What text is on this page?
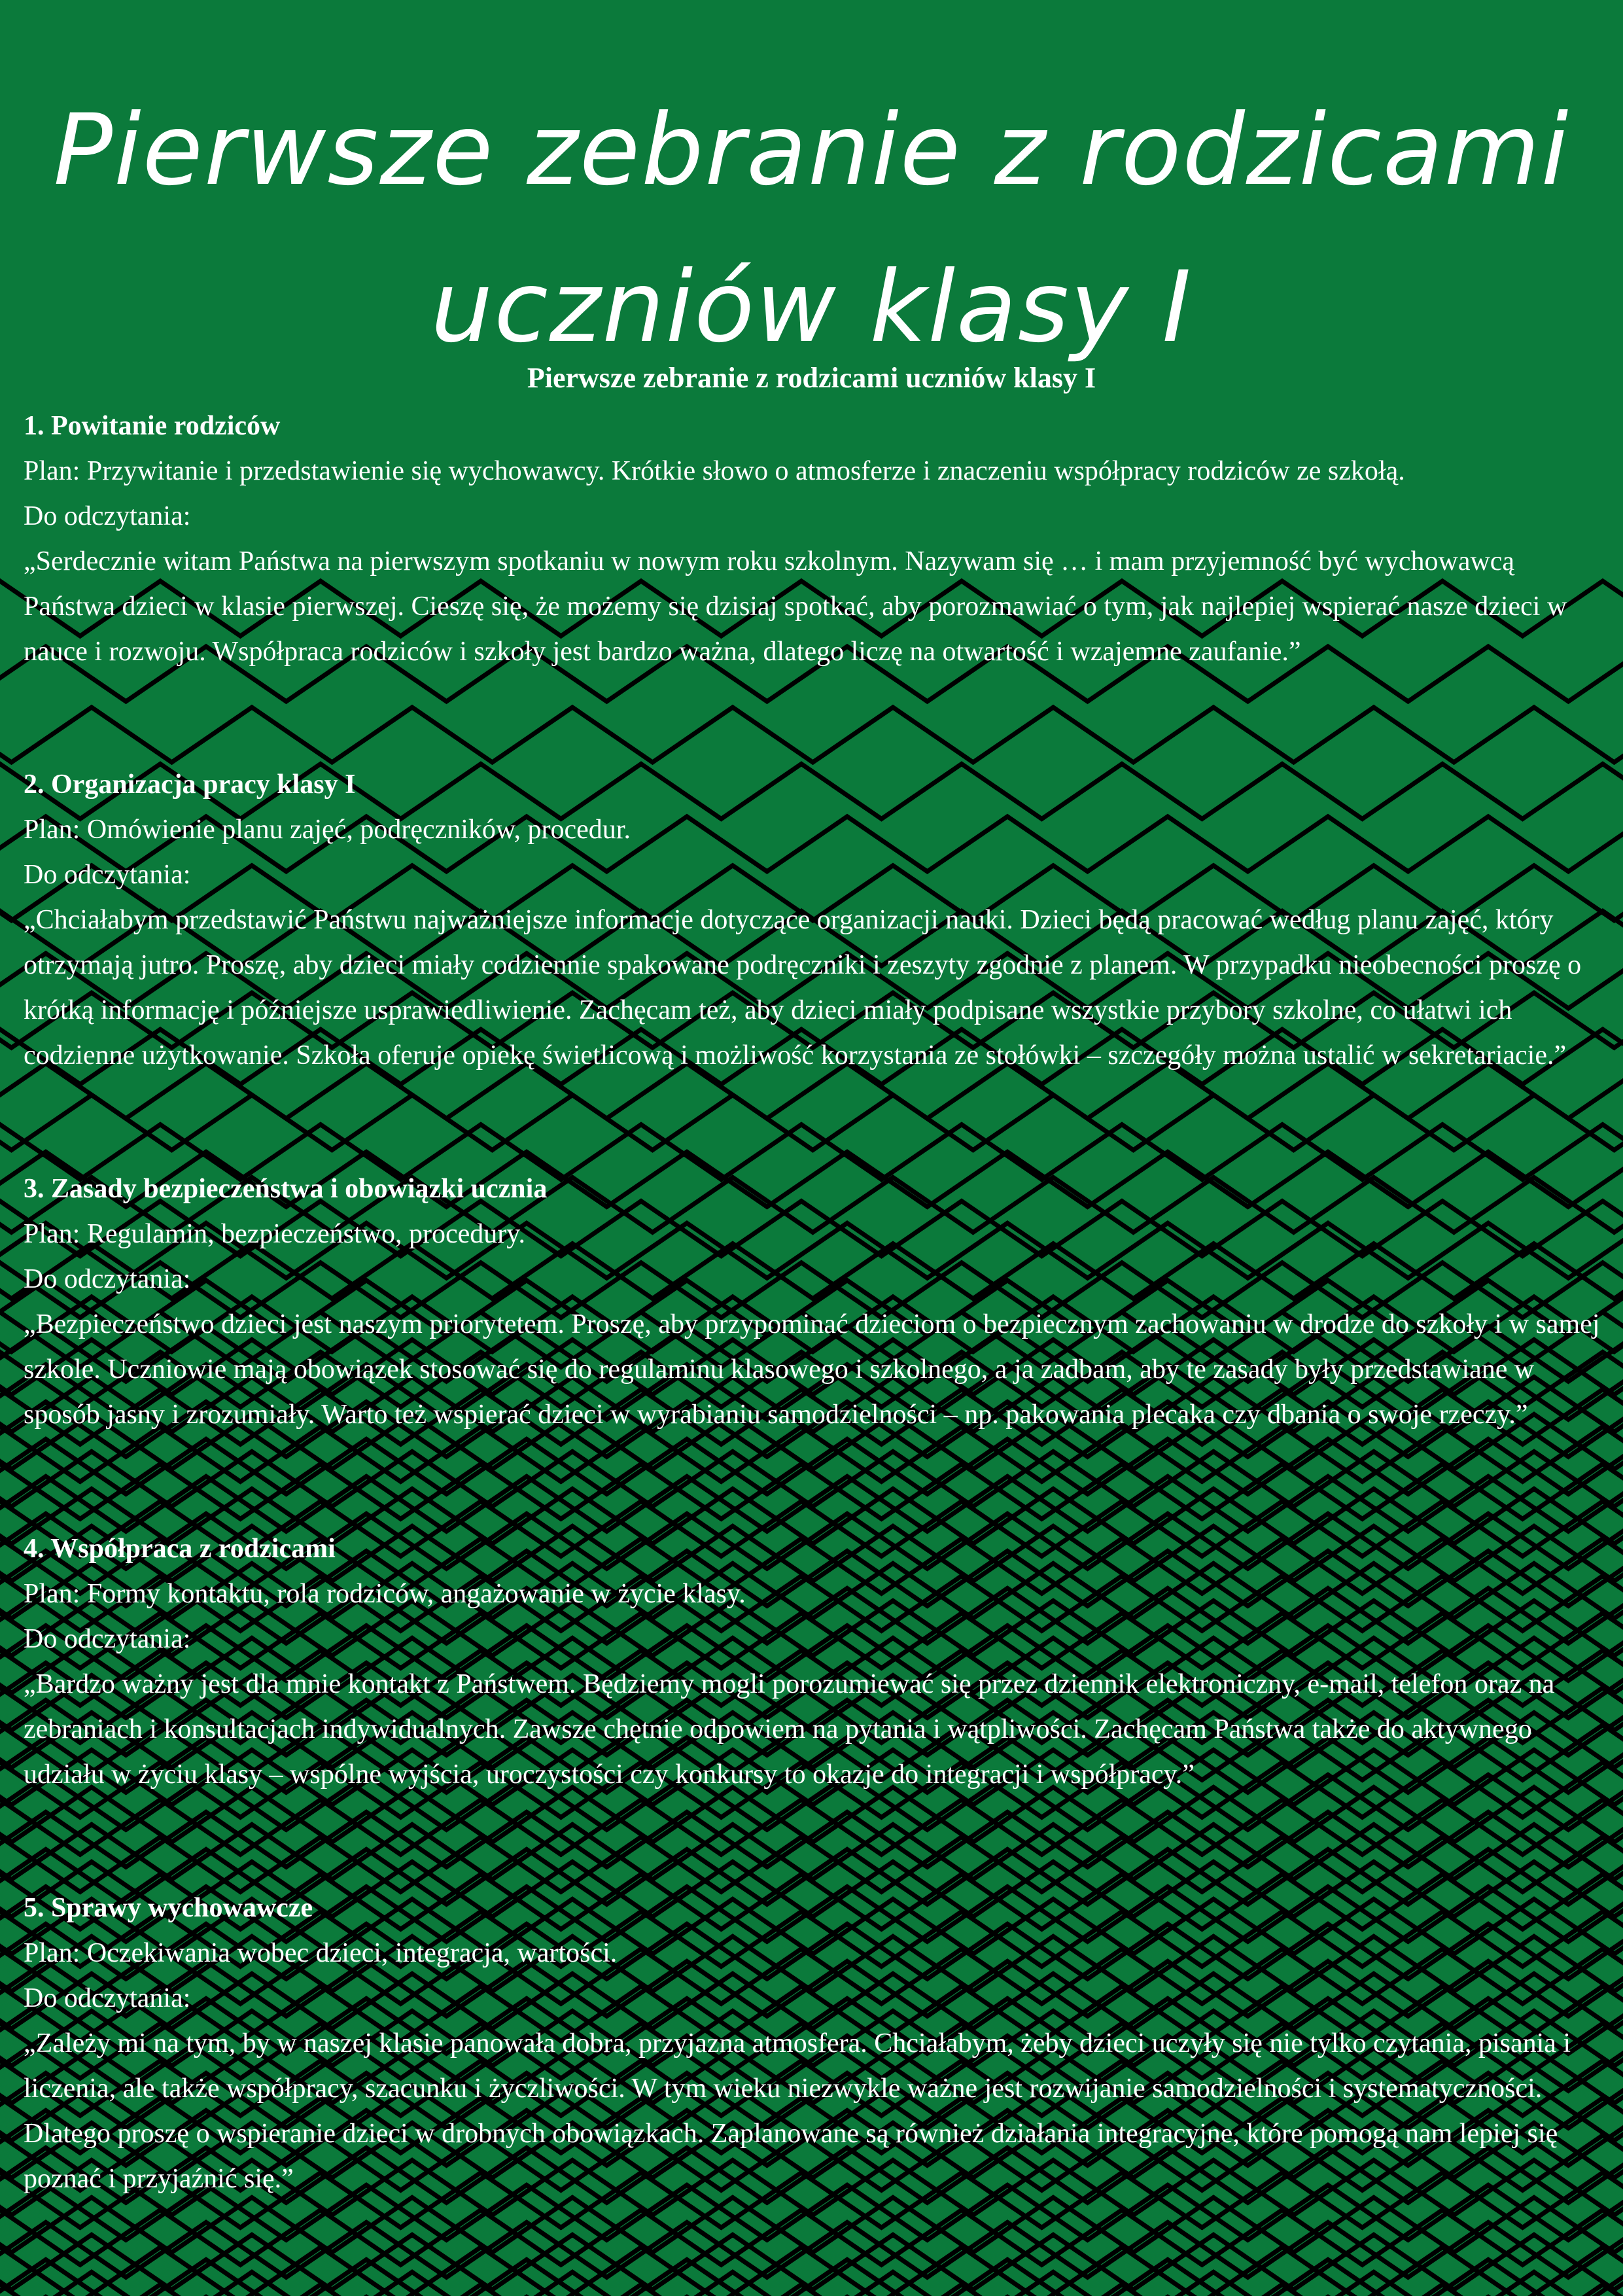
Pierwsze zebranie z rodzicami uczniów klasy I
Pierwsze zebranie z rodzicami uczniów klasy I

1. Powitanie rodziców

Plan: Przywitanie i przedstawienie się wychowawcy. Krótkie słowo o atmosferze i znaczeniu współpracy rodziców ze szkołą.

Do odczytania:

„Serdecznie witam Państwa na pierwszym spotkaniu w nowym roku szkolnym. Nazywam się … i mam przyjemność być wychowawcą Państwa dzieci w klasie pierwszej. Cieszę się, że możemy się dzisiaj spotkać, aby porozmawiać o tym, jak najlepiej wspierać nasze dzieci w nauce i rozwoju. Współpraca rodziców i szkoły jest bardzo ważna, dlatego liczę na otwartość i wzajemne zaufanie.”

2. Organizacja pracy klasy I

Plan: Omówienie planu zajęć, podręczników, procedur.

Do odczytania:

„Chciałabym przedstawić Państwu najważniejsze informacje dotyczące organizacji nauki. Dzieci będą pracować według planu zajęć, który otrzymają jutro. Proszę, aby dzieci miały codziennie spakowane podręczniki i zeszyty zgodnie z planem. W przypadku nieobecności proszę o krótką informację i późniejsze usprawiedliwienie. Zachęcam też, aby dzieci miały podpisane wszystkie przybory szkolne, co ułatwi ich codzienne użytkowanie. Szkoła oferuje opiekę świetlicową i możliwość korzystania ze stołówki – szczegóły można ustalić w sekretariacie.”

3. Zasady bezpieczeństwa i obowiązki ucznia

Plan: Regulamin, bezpieczeństwo, procedury.

Do odczytania:

„Bezpieczeństwo dzieci jest naszym priorytetem. Proszę, aby przypominać dzieciom o bezpiecznym zachowaniu w drodze do szkoły i w samej szkole. Uczniowie mają obowiązek stosować się do regulaminu klasowego i szkolnego, a ja zadbam, aby te zasady były przedstawiane w sposób jasny i zrozumiały. Warto też wspierać dzieci w wyrabianiu samodzielności – np. pakowania plecaka czy dbania o swoje rzeczy.”

4. Współpraca z rodzicami

Plan: Formy kontaktu, rola rodziców, angażowanie w życie klasy.

Do odczytania:

„Bardzo ważny jest dla mnie kontakt z Państwem. Będziemy mogli porozumiewać się przez dziennik elektroniczny, e-mail, telefon oraz na zebraniach i konsultacjach indywidualnych. Zawsze chętnie odpowiem na pytania i wątpliwości. Zachęcam Państwa także do aktywnego udziału w życiu klasy – wspólne wyjścia, uroczystości czy konkursy to okazje do integracji i współpracy.”

5. Sprawy wychowawcze

Plan: Oczekiwania wobec dzieci, integracja, wartości.

Do odczytania:

„Zależy mi na tym, by w naszej klasie panowała dobra, przyjazna atmosfera. Chciałabym, żeby dzieci uczyły się nie tylko czytania, pisania i liczenia, ale także współpracy, szacunku i życzliwości. W tym wieku niezwykle ważne jest rozwijanie samodzielności i systematyczności. Dlatego proszę o wspieranie dzieci w drobnych obowiązkach. Zaplanowane są również działania integracyjne, które pomogą nam lepiej się poznać i przyjaźnić się.”
